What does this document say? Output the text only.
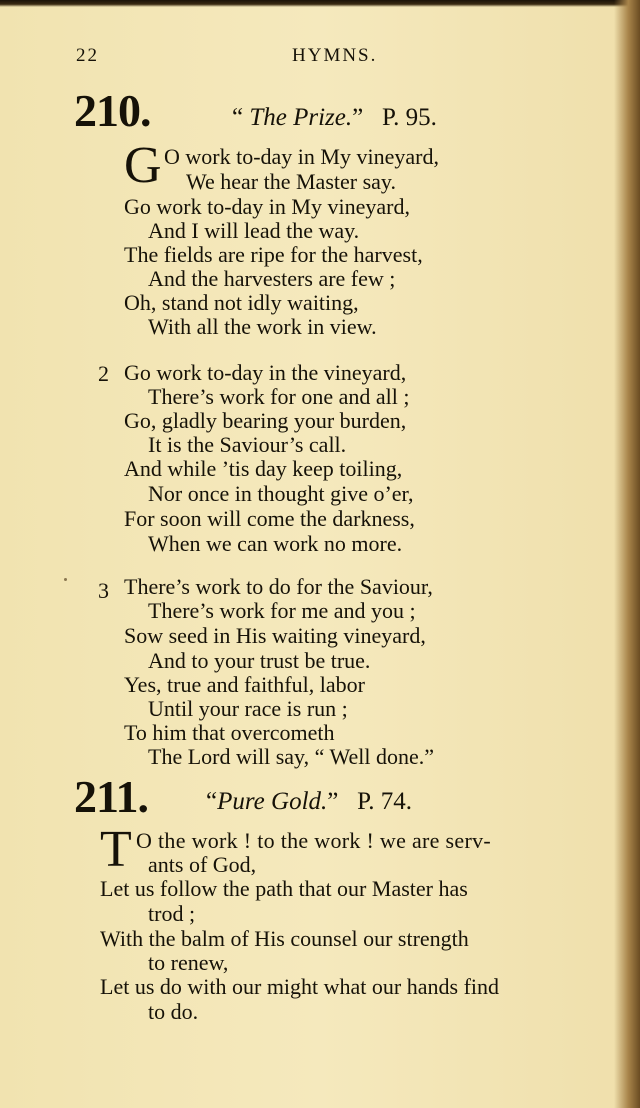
22	HYMNS.
210.	“ The Prize.” P. 95.
G O work to-day in My vineyard,
We hear the Master say.
Go work to-day in My vineyard,
And I will lead the way.
The fields are ripe for the harvest,
And the harvesters are few ;
Oh, stand not idly waiting,
With all the work in view.
2 Go work to-day in the vineyard,
There’s work for one and all ;
Go, gladly bearing your burden,
It is the Saviour’s call.
And while ’tis day keep toiling,
Nor once in thought give o’er,
For soon will come the darkness,
When we can work no more.
3 There’s work to do for the Saviour,
There’s work for me and you ;
Sow seed in His waiting vineyard,
And to your trust be true.
Yes, true and faithful, labor
Until your race is run ;
To him that overcometh
The Lord will say, “ Well done.”
211. “Pure Gold.” P. 74.
T O the work ! to the work ! we are serv-
ants of God,
Let us follow the path that our Master has
trod ;
With the balm of His counsel our strength
to renew,
Let us do with our might what our hands find
to do.
